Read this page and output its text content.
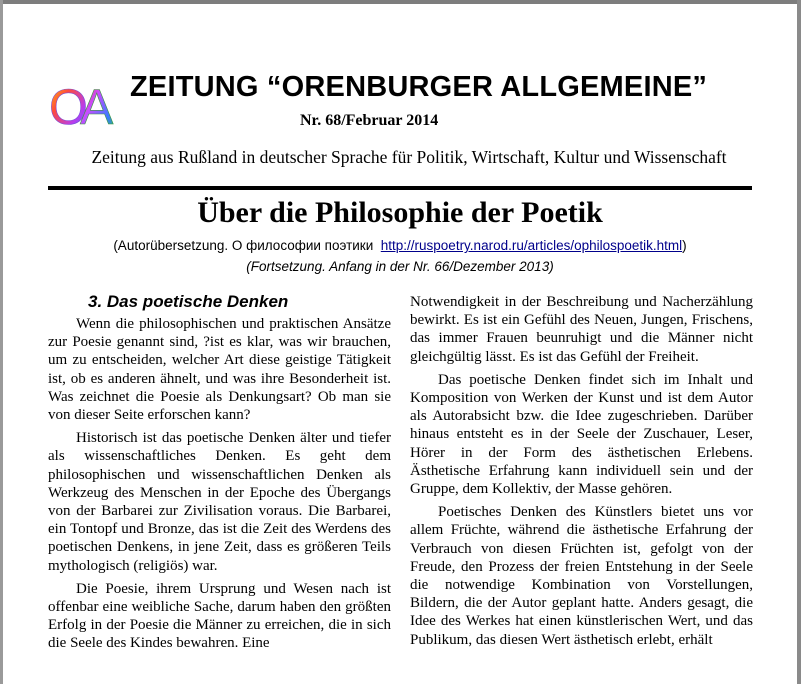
O
A ZEITUNG “ORENBURGER ALLGEMEINE”
Nr. 68/Februar 2014
Zeitung aus Rußland in deutscher Sprache für Politik, Wirtschaft, Kultur und Wissenschaft
Über die Philosophie der Poetik
(Autorübersetzung. О философии поэтики http://ruspoetry.narod.ru/articles/ophilospoetik.html)
(Fortsetzung. Anfang in der Nr. 66/Dezember 2013)
3. Das poetische Denken

Wenn die philosophischen und praktischen Ansätze zur Poesie genannt sind, ?ist es klar, was wir brauchen, um zu entscheiden, welcher Art diese geistige Tätigkeit ist, ob es anderen ähnelt, und was ihre Besonderheit ist. Was zeichnet die Poesie als Denkungsart? Ob man sie von dieser Seite erforschen kann?

Historisch ist das poetische Denken älter und tiefer als wissenschaftliches Denken. Es geht dem philosophischen und wissenschaftlichen Denken als Werkzeug des Menschen in der Epoche des Übergangs von der Barbarei zur Zivilisation voraus. Die Barbarei, ein Tontopf und Bronze, das ist die Zeit des Werdens des poetischen Denkens, in jene Zeit, dass es größeren Teils mythologisch (religiös) war.

Die Poesie, ihrem Ursprung und Wesen nach ist offenbar eine weibliche Sache, darum haben den größten Erfolg in der Poesie die Männer zu erreichen, die in sich die Seele des Kindes bewahren. Eine

Notwendigkeit in der Beschreibung und Nacherzählung bewirkt. Es ist ein Gefühl des Neuen, Jungen, Frischens, das immer Frauen beunruhigt und die Männer nicht gleichgültig lässt. Es ist das Gefühl der Freiheit.

Das poetische Denken findet sich im Inhalt und Komposition von Werken der Kunst und ist dem Autor als Autorabsicht bzw. die Idee zugeschrieben. Darüber hinaus entsteht es in der Seele der Zuschauer, Leser, Hörer in der Form des ästhetischen Erlebens. Ästhetische Erfahrung kann individuell sein und der Gruppe, dem Kollektiv, der Masse gehören.

Poetisches Denken des Künstlers bietet uns vor allem Früchte, während die ästhetische Erfahrung der Verbrauch von diesen Früchten ist, gefolgt von der Freude, den Prozess der freien Entstehung in der Seele die notwendige Kombination von Vorstellungen, Bildern, die der Autor geplant hatte. Anders gesagt, die Idee des Werkes hat einen künstlerischen Wert, und das Publikum, das diesen Wert ästhetisch erlebt, erhält
